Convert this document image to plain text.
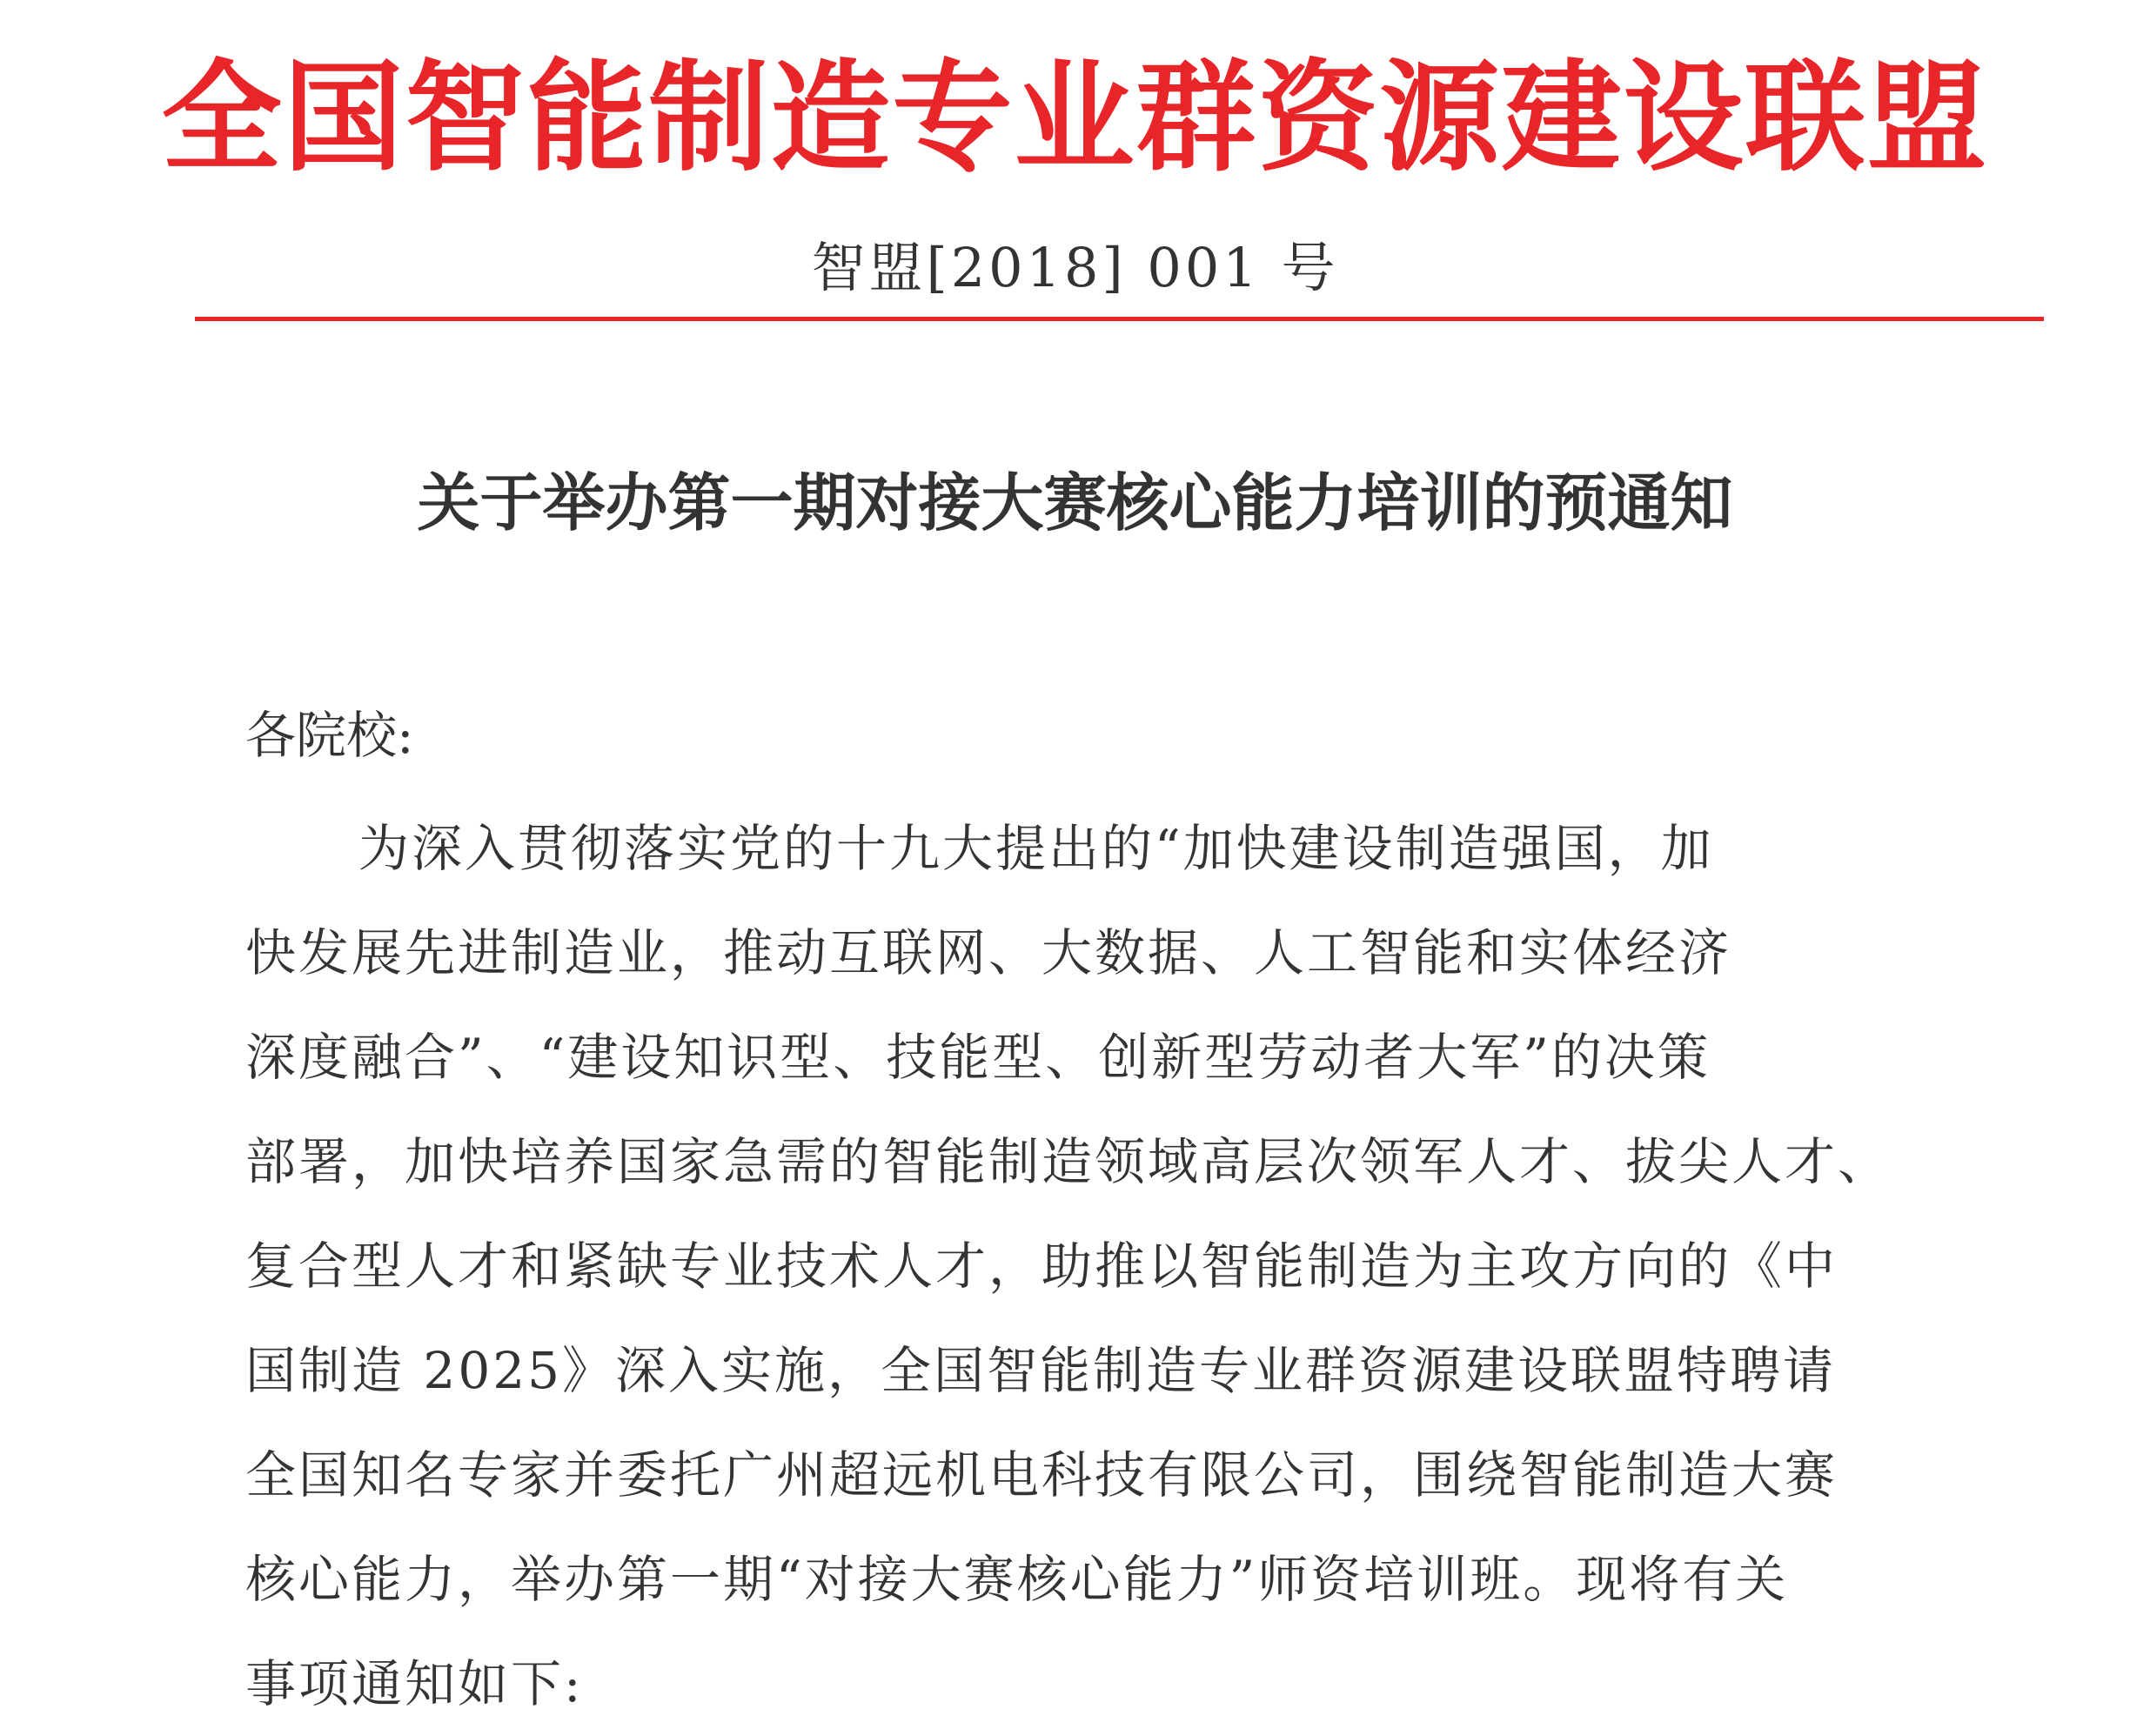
全国智能制造专业群资源建设联盟
智盟[2018] 001 号
关于举办第一期对接大赛核心能力培训的预通知
各院校:
为深入贯彻落实党的十九大提出的“加快建设制造强国，加
快发展先进制造业，推动互联网、大数据、人工智能和实体经济
深度融合”、“建设知识型、技能型、创新型劳动者大军”的决策
部署，加快培养国家急需的智能制造领域高层次领军人才、拔尖人才、
复合型人才和紧缺专业技术人才，助推以智能制造为主攻方向的《中
国制造 2025》深入实施，全国智能制造专业群资源建设联盟特聘请
全国知名专家并委托广州超远机电科技有限公司，围绕智能制造大赛
核心能力，举办第一期“对接大赛核心能力”师资培训班。现将有关
事项通知如下:
